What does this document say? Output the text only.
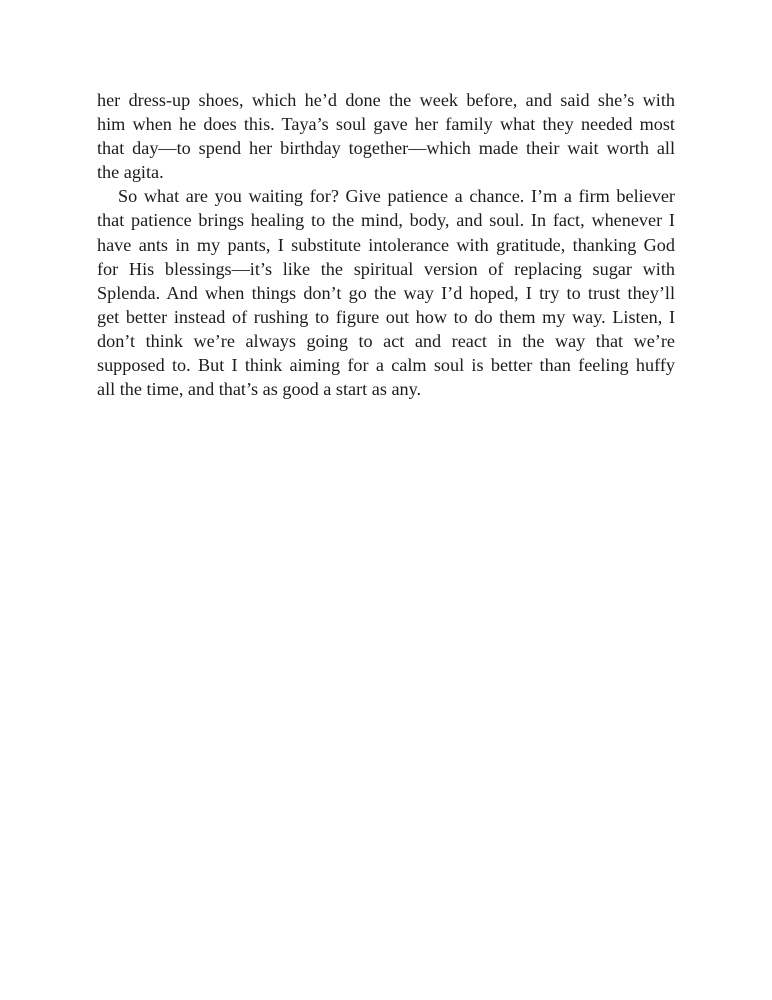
her dress-up shoes, which he’d done the week before, and said she’s with
him when he does this. Taya’s soul gave her family what they needed most
that day—to spend her birthday together—which made their wait worth all
the agita.
So what are you waiting for? Give patience a chance. I’m a firm believer
that patience brings healing to the mind, body, and soul. In fact, whenever I
have ants in my pants, I substitute intolerance with gratitude, thanking God
for His blessings—it’s like the spiritual version of replacing sugar with
Splenda. And when things don’t go the way I’d hoped, I try to trust they’ll
get better instead of rushing to figure out how to do them my way. Listen, I
don’t think we’re always going to act and react in the way that we’re
supposed to. But I think aiming for a calm soul is better than feeling huffy
all the time, and that’s as good a start as any.
